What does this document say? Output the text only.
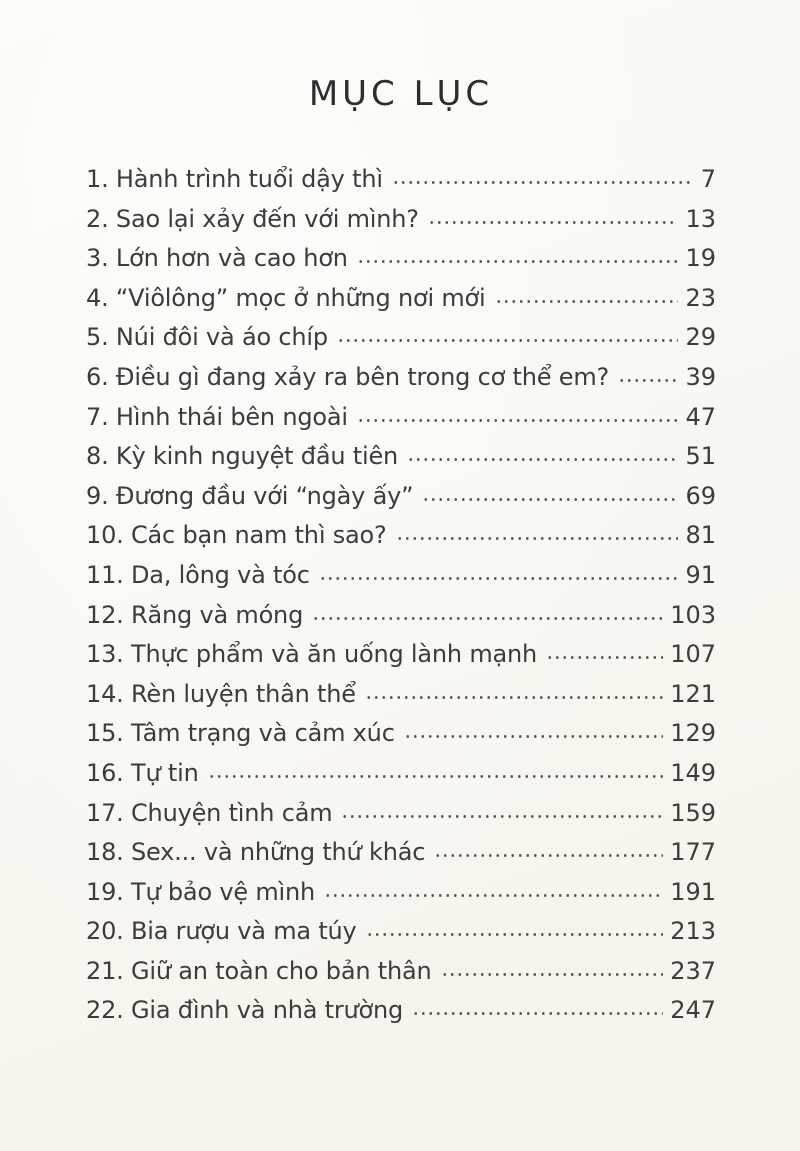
MỤC LỤC
1. Hành trình tuổi dậy thì	7
2. Sao lại xảy đến với mình?	13
3. Lớn hơn và cao hơn	19
4. “Viôlông” mọc ở những nơi mới	23
5. Núi đôi và áo chíp	29
6. Điều gì đang xảy ra bên trong cơ thể em?	39
7. Hình thái bên ngoài	47
8. Kỳ kinh nguyệt đầu tiên	51
9. Đương đầu với “ngày ấy”	69
10. Các bạn nam thì sao?	81
11. Da, lông và tóc	91
12. Răng và móng	103
13. Thực phẩm và ăn uống lành mạnh	107
14. Rèn luyện thân thể	121
15. Tâm trạng và cảm xúc	129
16. Tự tin	149
17. Chuyện tình cảm	159
18. Sex... và những thứ khác	177
19. Tự bảo vệ mình	191
20. Bia rượu và ma túy	213
21. Giữ an toàn cho bản thân	237
22. Gia đình và nhà trường	247
